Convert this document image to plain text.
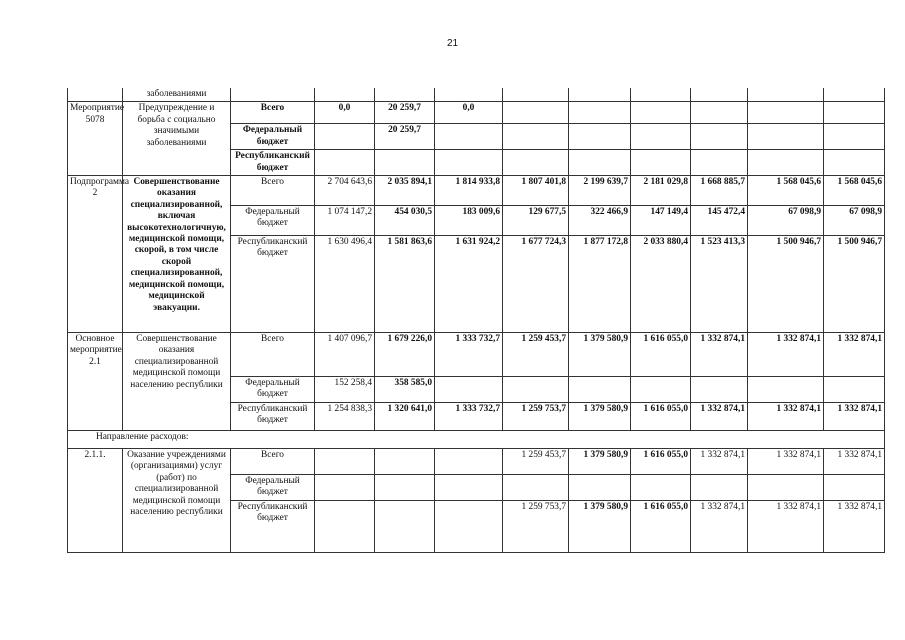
21
	заболеваниями										
Мероприятие 5078	Предупреждение и борьба с социально значимыми заболеваниями	Всего	0,0	20 259,7	0,0						
		Федеральный бюджет		20 259,7							
		Республиканский бюджет									
Подпрограмма 2	Совершенствование оказания специализированной, включая высокотехнологичную, медицинской помощи, скорой, в том числе скорой специализированной, медицинской помощи, медицинской эвакуации.	Всего	2 704 643,6	2 035 894,1	1 814 933,8	1 807 401,8	2 199 639,7	2 181 029,8	1 668 885,7	1 568 045,6	1 568 045,6
		Федеральный бюджет	1 074 147,2	454 030,5	183 009,6	129 677,5	322 466,9	147 149,4	145 472,4	67 098,9	67 098,9
		Республиканский бюджет	1 630 496,4	1 581 863,6	1 631 924,2	1 677 724,3	1 877 172,8	2 033 880,4	1 523 413,3	1 500 946,7	1 500 946,7
Основное мероприятие 2.1	Совершенствование оказания специализированной медицинской помощи населению республики	Всего	1 407 096,7	1 679 226,0	1 333 732,7	1 259 453,7	1 379 580,9	1 616 055,0	1 332 874,1	1 332 874,1	1 332 874,1
		Федеральный бюджет	152 258,4	358 585,0							
		Республиканский бюджет	1 254 838,3	1 320 641,0	1 333 732,7	1 259 753,7	1 379 580,9	1 616 055,0	1 332 874,1	1 332 874,1	1 332 874,1
Направление расходов:											
2.1.1.	Оказание учреждениями (организациями) услуг (работ) по специализированной медицинской помощи населению республики	Всего				1 259 453,7	1 379 580,9	1 616 055,0	1 332 874,1	1 332 874,1	1 332 874,1
		Федеральный бюджет									
		Республиканский бюджет				1 259 753,7	1 379 580,9	1 616 055,0	1 332 874,1	1 332 874,1	1 332 874,1
